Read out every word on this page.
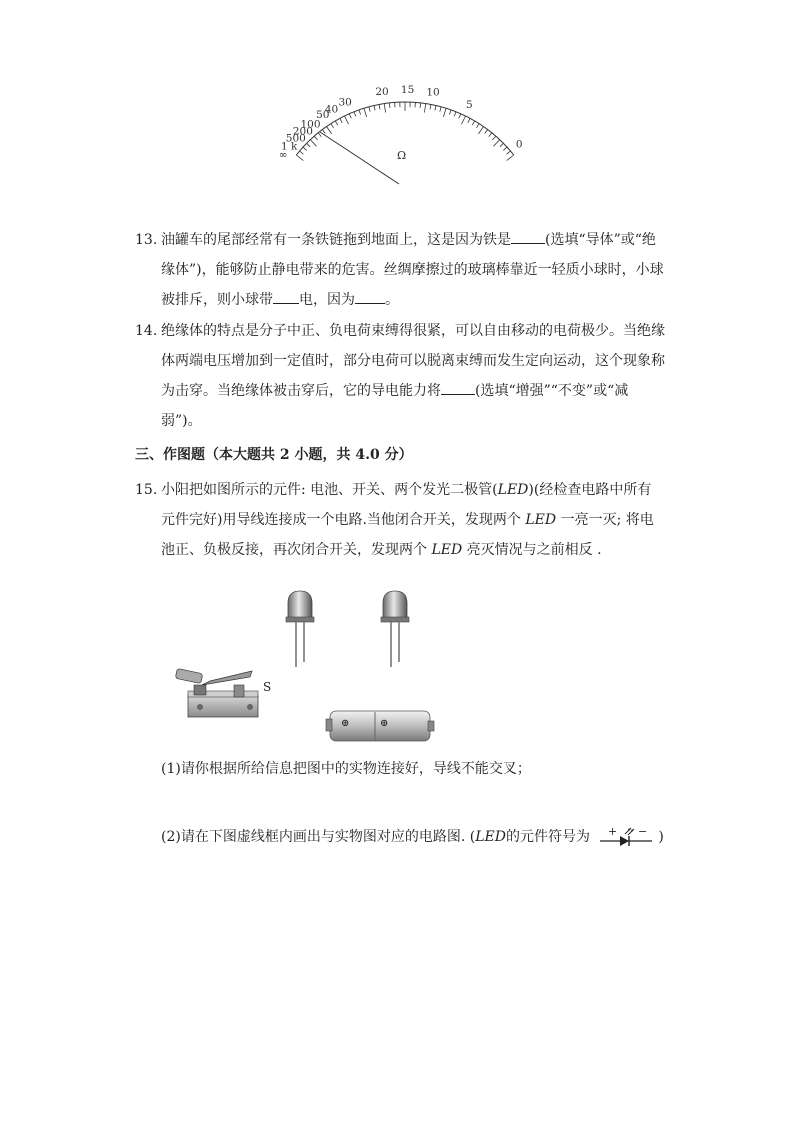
∞
1 k
500
200
100
50
40
30
20 15 10
5
0
Ω
13. 油罐车的尾部经常有一条铁链拖到地面上，这是因为铁是 (选填“导体”或“绝缘体”)，能够防止静电带来的危害。丝绸摩擦过的玻璃棒靠近一轻质小球时，小球被排斥，则小球带 电，因为 。
14. 绝缘体的特点是分子中正、负电荷束缚得很紧，可以自由移动的电荷极少。当绝缘体两端电压增加到一定值时，部分电荷可以脱离束缚而发生定向运动，这个现象称为击穿。当绝缘体被击穿后，它的导电能力将 (选填“增强”“不变”或“减弱”)。
三、作图题（本大题共 2 小题，共 4.0 分）
15. 小阳把如图所示的元件: 电池、开关、两个发光二极管(LED)(经检查电路中所有元件完好)用导线连接成一个电路.当他闭合开关，发现两个 LED 一亮一灭; 将电池正、负极反接，再次闭合开关，发现两个 LED 亮灭情况与之前相反 .
S
⊕	⊕
(1)请你根据所给信息把图中的实物连接好，导线不能交叉；
(2)请在下图虚线框内画出与实物图对应的电路图. (LED的元件符号为 + − )
